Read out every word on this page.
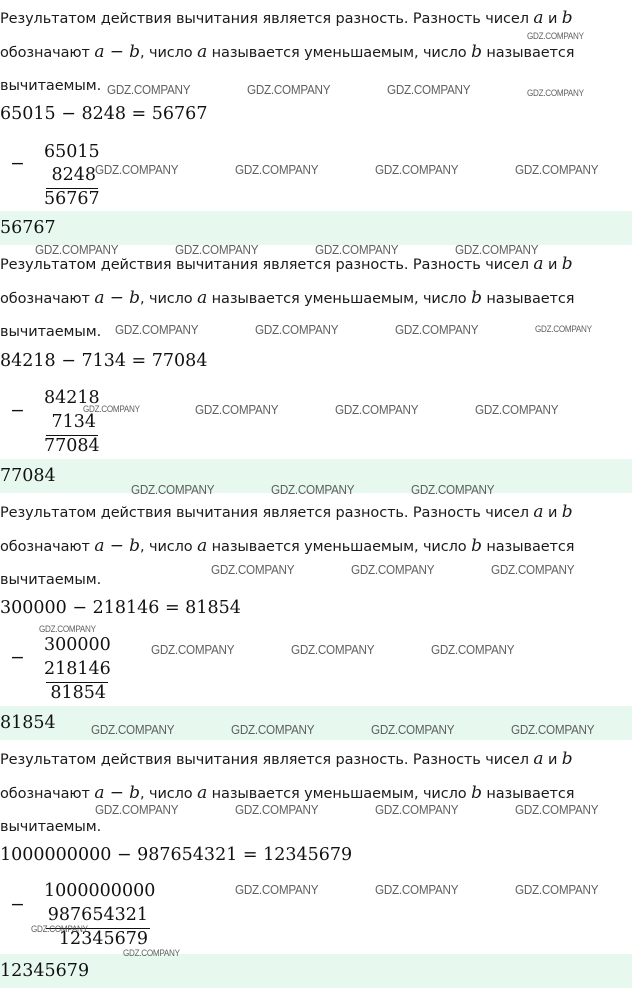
Результатом действия вычитания является разность. Разность чисел a и b
обозначают a − b, число a называется уменьшаемым, число b называется
вычитаемым.
65015 − 8248 = 56767
−
65015
8248
56767
56767
Результатом действия вычитания является разность. Разность чисел a и b
обозначают a − b, число a называется уменьшаемым, число b называется
вычитаемым.
84218 − 7134 = 77084
−
84218
7134
77084
77084
Результатом действия вычитания является разность. Разность чисел a и b
обозначают a − b, число a называется уменьшаемым, число b называется
вычитаемым.
300000 − 218146 = 81854
−
300000
218146
81854
81854
Результатом действия вычитания является разность. Разность чисел a и b
обозначают a − b, число a называется уменьшаемым, число b называется
вычитаемым.
1000000000 − 987654321 = 12345679
−
1000000000
987654321
12345679
12345679
GDZ.COMPANY
GDZ.COMPANY	GDZ.COMPANY	GDZ.COMPANY	GDZ.COMPANY
GDZ.COMPANY	GDZ.COMPANY	GDZ.COMPANY	GDZ.COMPANY
GDZ.COMPANY	GDZ.COMPANY	GDZ.COMPANY	GDZ.COMPANY
GDZ.COMPANY	GDZ.COMPANY	GDZ.COMPANY	GDZ.COMPANY
GDZ.COMPANY	GDZ.COMPANY	GDZ.COMPANY	GDZ.COMPANY
GDZ.COMPANY	GDZ.COMPANY	GDZ.COMPANY
GDZ.COMPANY	GDZ.COMPANY	GDZ.COMPANY
GDZ.COMPANY
GDZ.COMPANY	GDZ.COMPANY	GDZ.COMPANY
GDZ.COMPANY	GDZ.COMPANY	GDZ.COMPANY	GDZ.COMPANY
GDZ.COMPANY	GDZ.COMPANY	GDZ.COMPANY	GDZ.COMPANY
GDZ.COMPANY	GDZ.COMPANY	GDZ.COMPANY
GDZ.COMPANY
GDZ.COMPANY
